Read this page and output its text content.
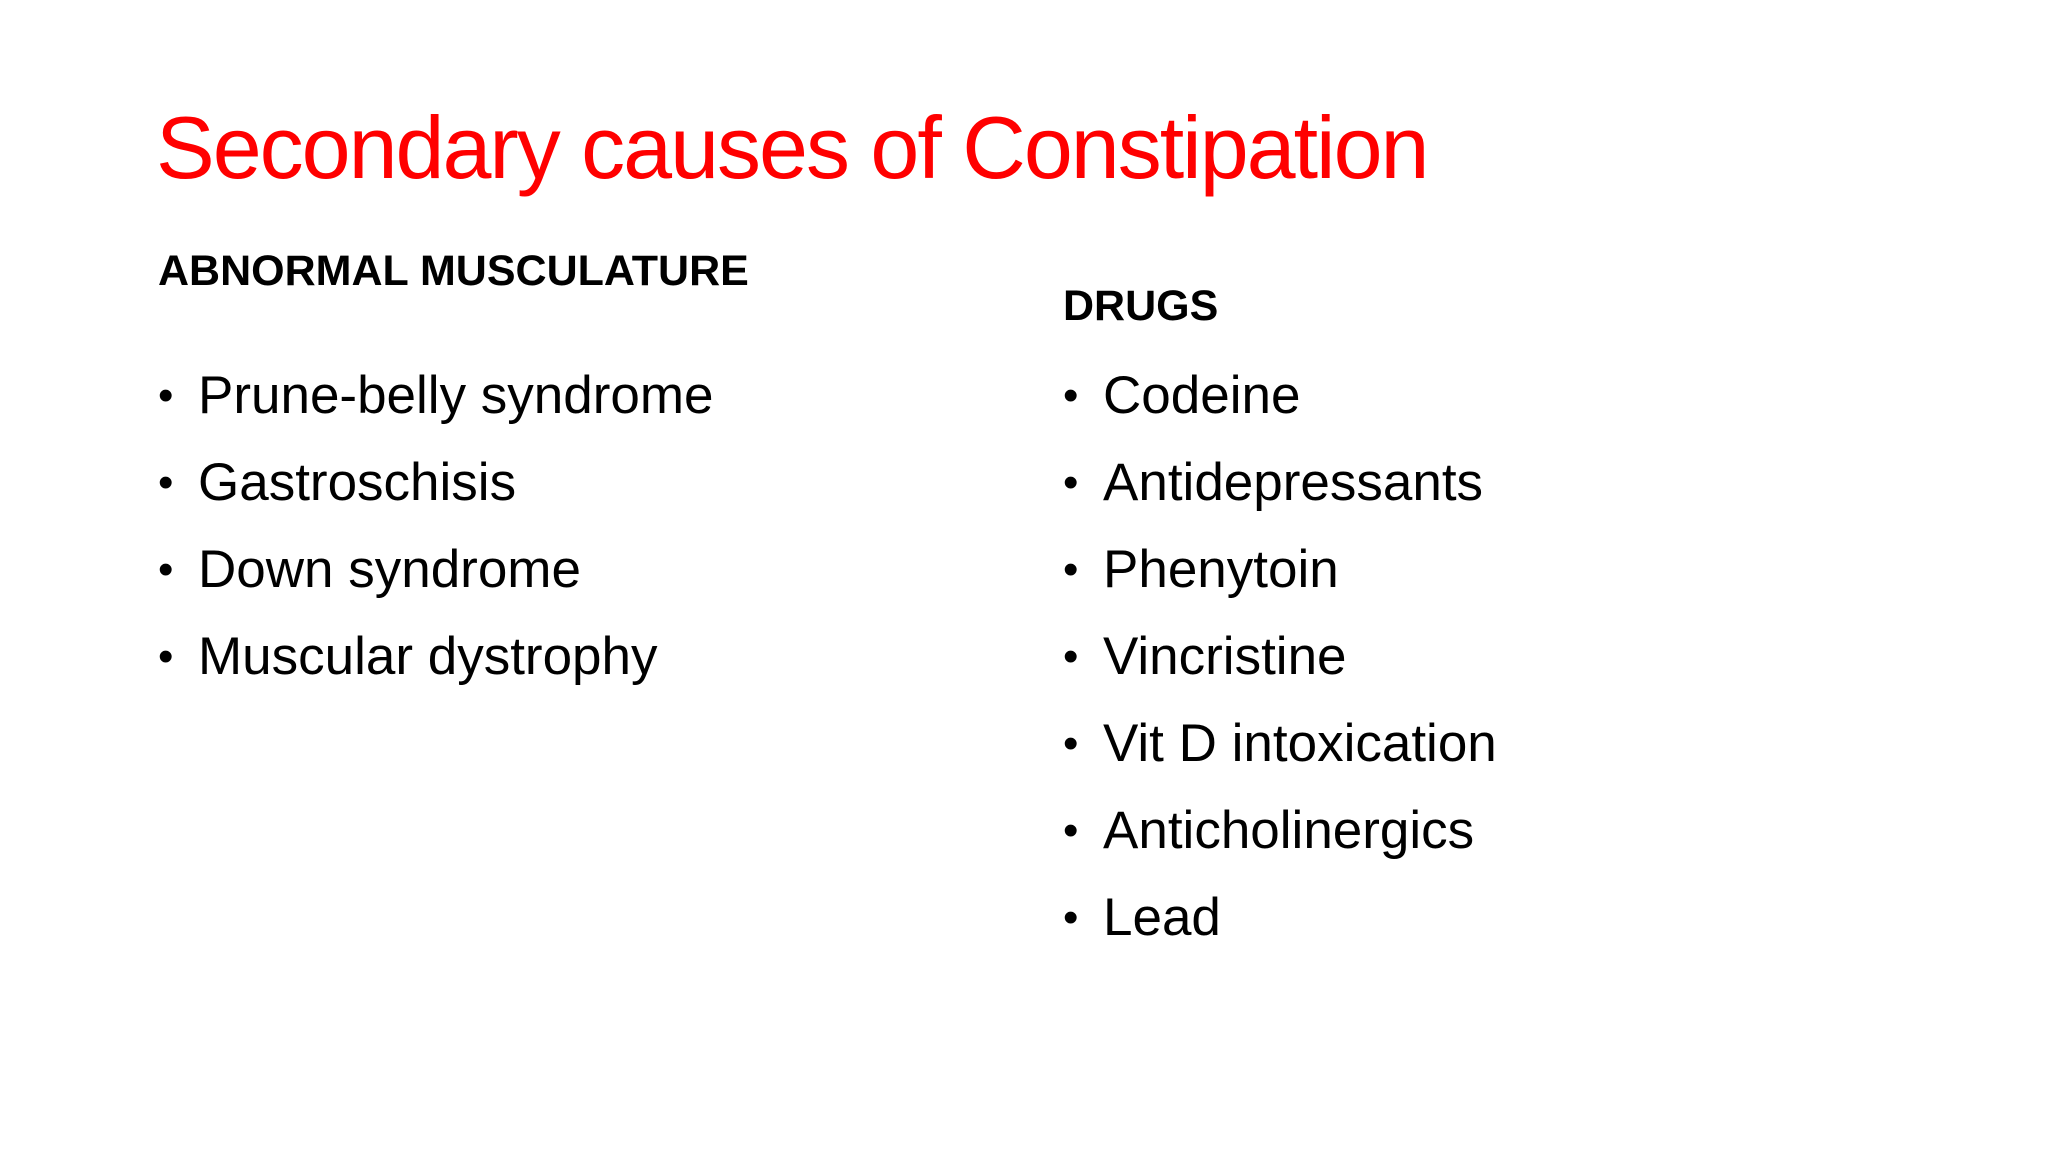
Secondary causes of Constipation
ABNORMAL MUSCULATURE
• Prune-belly syndrome
• Gastroschisis
• Down syndrome
• Muscular dystrophy
DRUGS
• Codeine
• Antidepressants
• Phenytoin
• Vincristine
• Vit D intoxication
• Anticholinergics
• Lead
